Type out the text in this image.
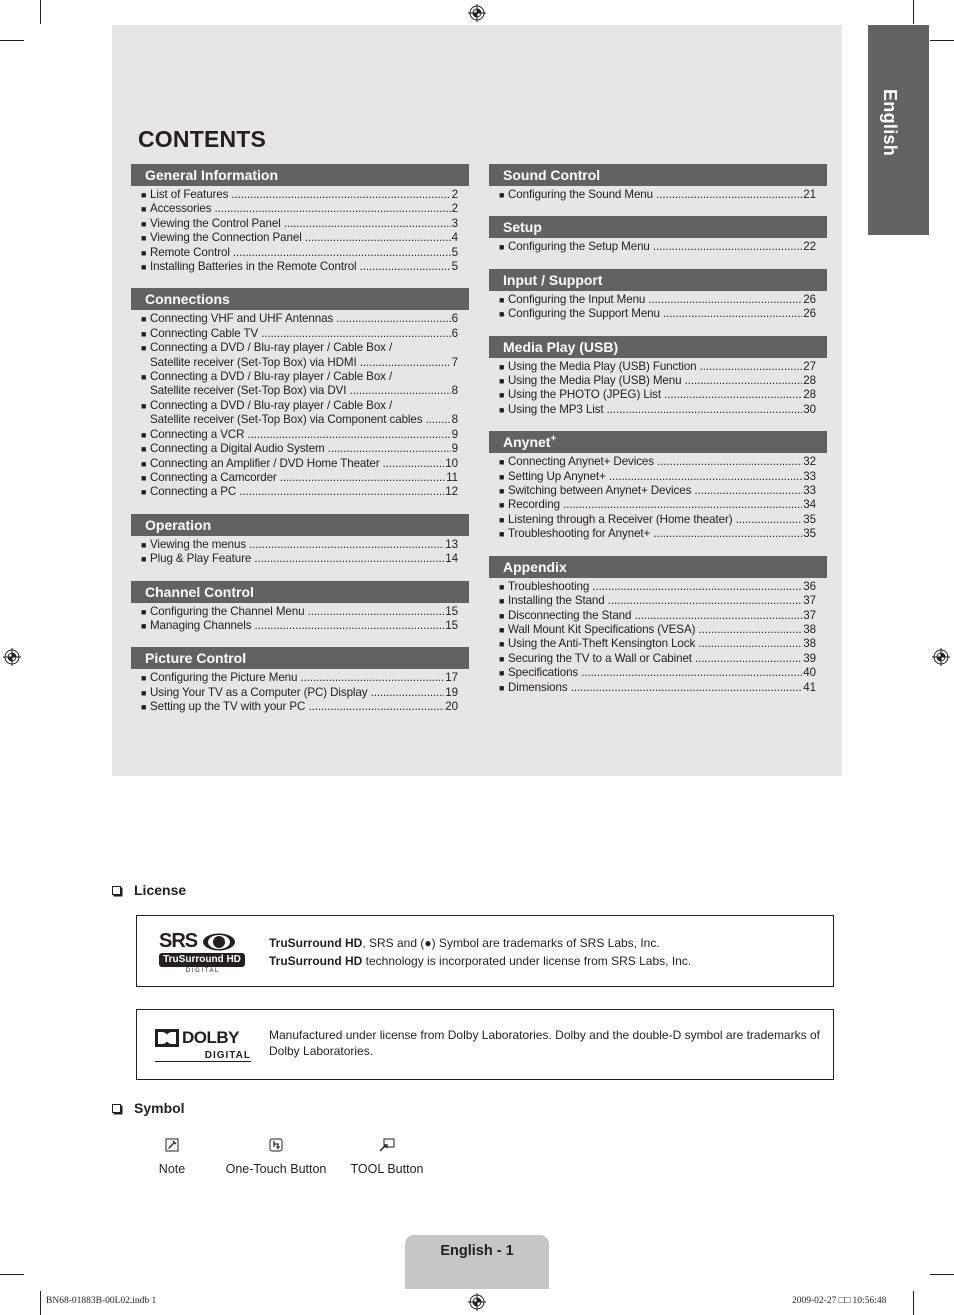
English
CONTENTS
General Information
■ List of Features .....	2
■ Accessories .....	2
■ Viewing the Control Panel .....	3
■ Viewing the Connection Panel .....	4
■ Remote Control .....	5
■ Installing Batteries in the Remote Control .....	5
Connections
■ Connecting VHF and UHF Antennas .....	6
■ Connecting Cable TV .....	6
■ Connecting a DVD / Blu-ray player / Cable Box /
Satellite receiver (Set-Top Box) via HDMI .....	7
■ Connecting a DVD / Blu-ray player / Cable Box /
Satellite receiver (Set-Top Box) via DVI .....	8
■ Connecting a DVD / Blu-ray player / Cable Box /
Satellite receiver (Set-Top Box) via Component cables .....	8
■ Connecting a VCR .....	9
■ Connecting a Digital Audio System .....	9
■ Connecting an Amplifier / DVD Home Theater .....	10
■ Connecting a Camcorder .....	11
■ Connecting a PC .....	12
Operation
■ Viewing the menus .....	13
■ Plug & Play Feature .....	14
Channel Control
■ Configuring the Channel Menu .....	15
■ Managing Channels .....	15
Picture Control
■ Configuring the Picture Menu .....	17
■ Using Your TV as a Computer (PC) Display .....	19
■ Setting up the TV with your PC .....	20
Sound Control
■ Configuring the Sound Menu .....	21
Setup
■ Configuring the Setup Menu .....	22
Input / Support
■ Configuring the Input Menu .....	26
■ Configuring the Support Menu .....	26
Media Play (USB)
■ Using the Media Play (USB) Function .....	27
■ Using the Media Play (USB) Menu .....	28
■ Using the PHOTO (JPEG) List .....	28
■ Using the MP3 List .....	30
Anynet+
■ Connecting Anynet+ Devices .....	32
■ Setting Up Anynet+ .....	33
■ Switching between Anynet+ Devices .....	33
■ Recording .....	34
■ Listening through a Receiver (Home theater) .....	35
■ Troubleshooting for Anynet+ .....	35
Appendix
■ Troubleshooting .....	36
■ Installing the Stand .....	37
■ Disconnecting the Stand .....	37
■ Wall Mount Kit Specifications (VESA) .....	38
■ Using the Anti-Theft Kensington Lock .....	38
■ Securing the TV to a Wall or Cabinet .....	39
■ Specifications .....	40
■ Dimensions .....	41
License
SRS
TruSurround HD
D I G I T A L
TruSurround HD, SRS and (●) Symbol are trademarks of SRS Labs, Inc.
TruSurround HD technology is incorporated under license from SRS Labs, Inc.
DOLBY
DIGITAL
Manufactured under license from Dolby Laboratories. Dolby and the double-D symbol are trademarks of Dolby Laboratories.
Symbol
Note	One-Touch Button	TOOL Button
English - 1
BN68-01883B-00L02.indb 1	2009-02-27 □□ 10:56:48
